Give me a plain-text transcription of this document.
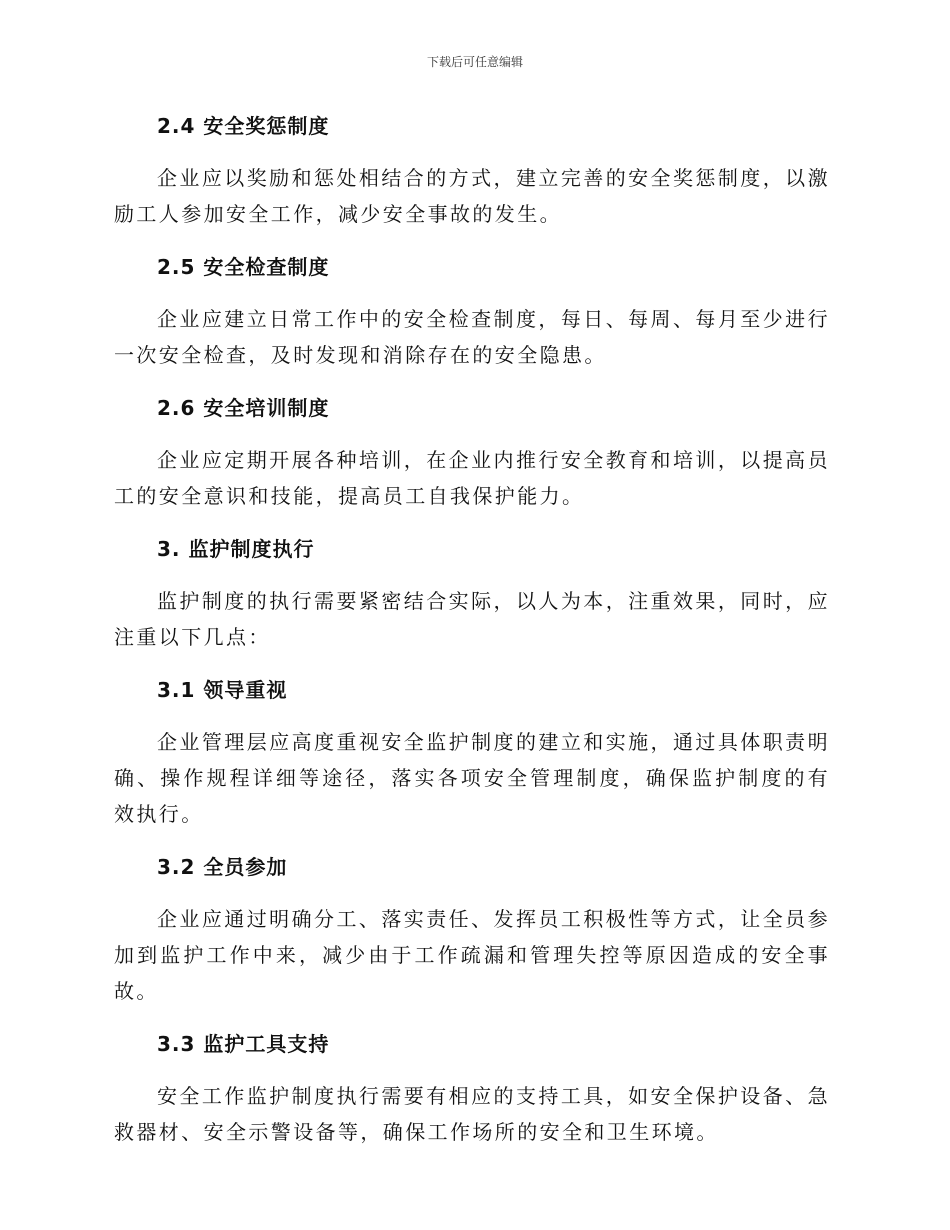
下载后可任意编辑
2.4 安全奖惩制度

企业应以奖励和惩处相结合的方式，建立完善的安全奖惩制度，以激励工人参加安全工作，减少安全事故的发生。

2.5 安全检查制度

企业应建立日常工作中的安全检查制度，每日、每周、每月至少进行一次安全检查，及时发现和消除存在的安全隐患。

2.6 安全培训制度

企业应定期开展各种培训，在企业内推行安全教育和培训，以提高员工的安全意识和技能，提高员工自我保护能力。

3. 监护制度执行

监护制度的执行需要紧密结合实际，以人为本，注重效果，同时，应注重以下几点：

3.1 领导重视

企业管理层应高度重视安全监护制度的建立和实施，通过具体职责明确、操作规程详细等途径，落实各项安全管理制度，确保监护制度的有效执行。

3.2 全员参加

企业应通过明确分工、落实责任、发挥员工积极性等方式，让全员参加到监护工作中来，减少由于工作疏漏和管理失控等原因造成的安全事故。

3.3 监护工具支持

安全工作监护制度执行需要有相应的支持工具，如安全保护设备、急救器材、安全示警设备等，确保工作场所的安全和卫生环境。
